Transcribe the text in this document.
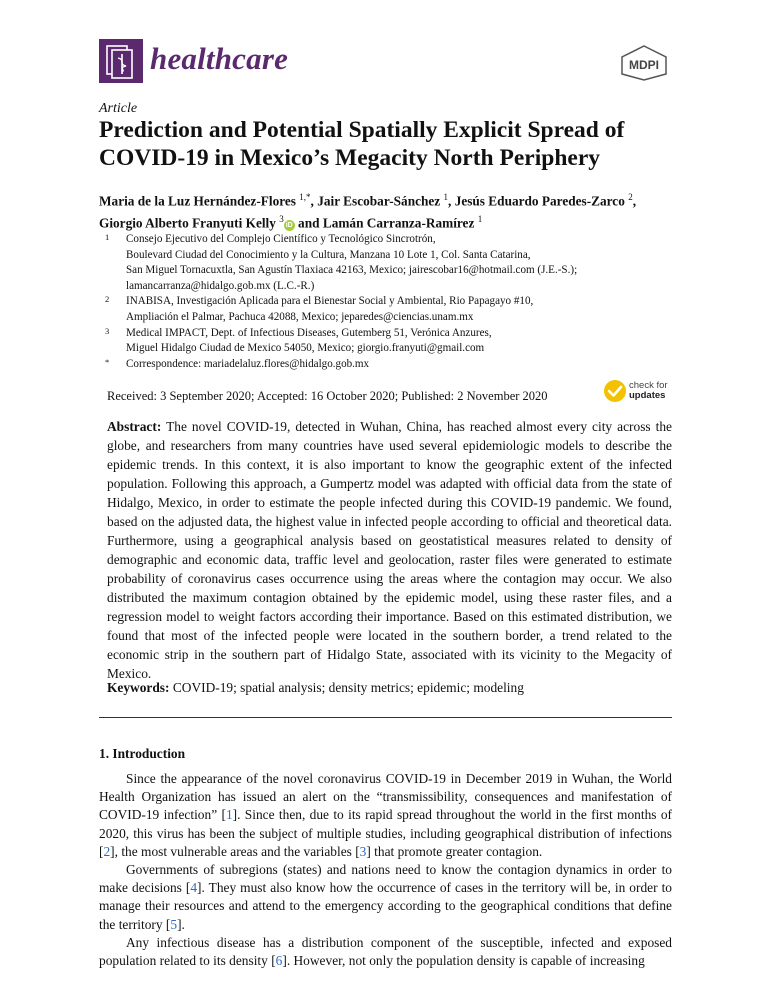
healthcare	MDPI
Article
Prediction and Potential Spatially Explicit Spread of COVID-19 in Mexico’s Megacity North Periphery
Maria de la Luz Hernández-Flores $^{1,*}$, Jair Escobar-Sánchez $^1$, Jesús Eduardo Paredes-Zarco $^2$,
Giorgio Alberto Franyuti Kelly $^3$iD and Lamán Carranza-Ramírez $^1$
1	Consejo Ejecutivo del Complejo Científico y Tecnológico Sincrotrón,
Boulevard Ciudad del Conocimiento y la Cultura, Manzana 10 Lote 1, Col. Santa Catarina,
San Miguel Tornacuxtla, San Agustín Tlaxiaca 42163, Mexico; jairescobar16@hotmail.com (J.E.-S.);
lamancarranza@hidalgo.gob.mx (L.C.-R.)
2	INABISA, Investigación Aplicada para el Bienestar Social y Ambiental, Rio Papagayo #10,
Ampliación el Palmar, Pachuca 42088, Mexico; jeparedes@ciencias.unam.mx
3	Medical IMPACT, Dept. of Infectious Diseases, Gutemberg 51, Verónica Anzures,
Miguel Hidalgo Ciudad de Mexico 54050, Mexico; giorgio.franyuti@gmail.com
*	Correspondence: mariadelaluz.flores@hidalgo.gob.mx
Received: 3 September 2020; Accepted: 16 October 2020; Published: 2 November 2020
check for
updates

Abstract: The novel COVID-19, detected in Wuhan, China, has reached almost every city across the globe, and researchers from many countries have used several epidemiologic models to describe the epidemic trends. In this context, it is also important to know the geographic extent of the infected population. Following this approach, a Gumpertz model was adapted with official data from the state of Hidalgo, Mexico, in order to estimate the people infected during this COVID-19 pandemic. We found, based on the adjusted data, the highest value in infected people according to official and theoretical data. Furthermore, using a geographical analysis based on geostatistical measures related to density of demographic and economic data, traffic level and geolocation, raster files were generated to estimate probability of coronavirus cases occurrence using the areas where the contagion may occur. We also distributed the maximum contagion obtained by the epidemic model, using these raster files, and a regression model to weight factors according their importance. Based on this estimated distribution, we found that most of the infected people were located in the southern border, a trend related to the economic strip in the southern part of Hidalgo State, associated with its vicinity to the Megacity of Mexico.

Keywords: COVID-19; spatial analysis; density metrics; epidemic; modeling

1. Introduction

Since the appearance of the novel coronavirus COVID-19 in December 2019 in Wuhan, the World Health Organization has issued an alert on the “transmissibility, consequences and manifestation of COVID-19 infection” [1]. Since then, due to its rapid spread throughout the world in the first months of 2020, this virus has been the subject of multiple studies, including geographical distribution of infections [2], the most vulnerable areas and the variables [3] that promote greater contagion.

Governments of subregions (states) and nations need to know the contagion dynamics in order to make decisions [4]. They must also know how the occurrence of cases in the territory will be, in order to manage their resources and attend to the emergency according to the geographical conditions that define the territory [5].

Any infectious disease has a distribution component of the susceptible, infected and exposed population related to its density [6]. However, not only the population density is capable of increasing
